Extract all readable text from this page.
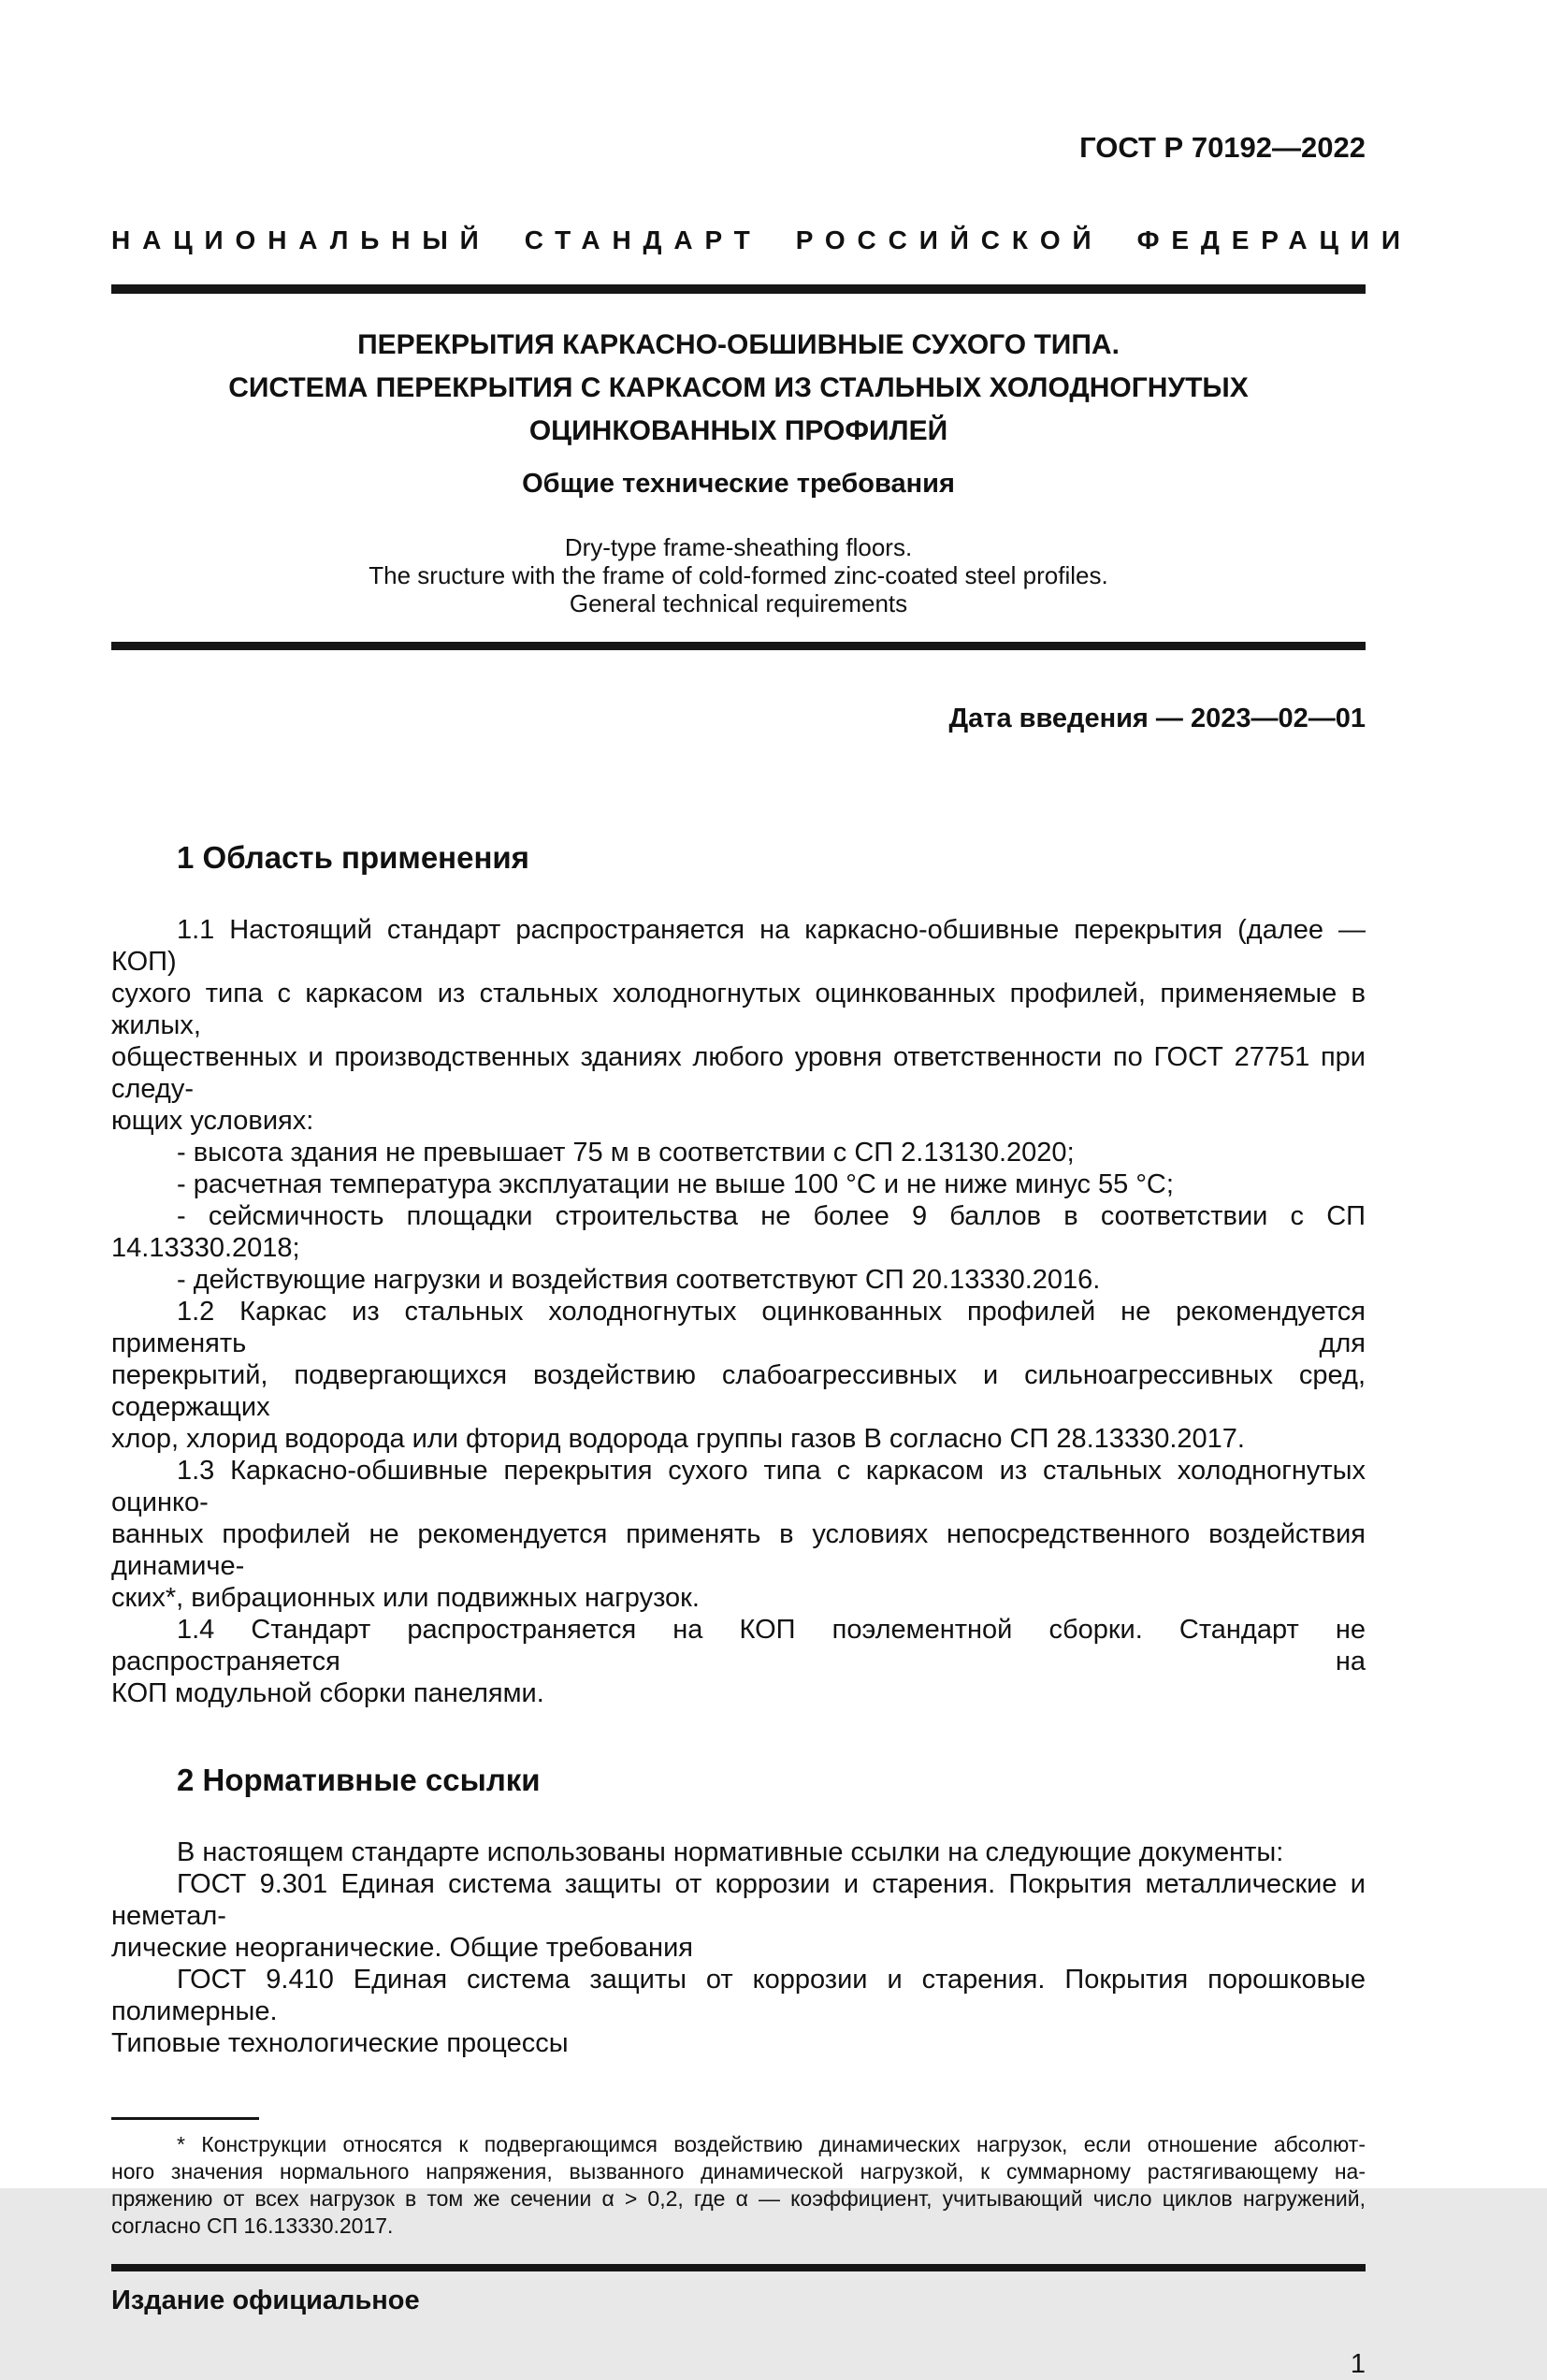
ГОСТ Р 70192—2022
НАЦИОНАЛЬНЫЙ СТАНДАРТ РОССИЙСКОЙ ФЕДЕРАЦИИ
ПЕРЕКРЫТИЯ КАРКАСНО-ОБШИВНЫЕ СУХОГО ТИПА.
СИСТЕМА ПЕРЕКРЫТИЯ С КАРКАСОМ ИЗ СТАЛЬНЫХ ХОЛОДНОГНУТЫХ
ОЦИНКОВАННЫХ ПРОФИЛЕЙ
Общие технические требования
Dry-type frame-sheathing floors.
The sructure with the frame of cold-formed zinc-coated steel profiles.
General technical requirements
Дата введения — 2023—02—01
1 Область применения
1.1 Настоящий стандарт распространяется на каркасно-обшивные перекрытия (далее — КОП)
сухого типа с каркасом из стальных холодногнутых оцинкованных профилей, применяемые в жилых,
общественных и производственных зданиях любого уровня ответственности по ГОСТ 27751 при следу-
ющих условиях:
- высота здания не превышает 75 м в соответствии с СП 2.13130.2020;
- расчетная температура эксплуатации не выше 100 °С и не ниже минус 55 °С;
- сейсмичность площадки строительства не более 9 баллов в соответствии с СП 14.13330.2018;
- действующие нагрузки и воздействия соответствуют СП 20.13330.2016.
1.2 Каркас из стальных холодногнутых оцинкованных профилей не рекомендуется применять для
перекрытий, подвергающихся воздействию слабоагрессивных и сильноагрессивных сред, содержащих
хлор, хлорид водорода или фторид водорода группы газов В согласно СП 28.13330.2017.
1.3 Каркасно-обшивные перекрытия сухого типа с каркасом из стальных холодногнутых оцинко-
ванных профилей не рекомендуется применять в условиях непосредственного воздействия динамиче-
ских*, вибрационных или подвижных нагрузок.
1.4 Стандарт распространяется на КОП поэлементной сборки. Стандарт не распространяется на
КОП модульной сборки панелями.
2 Нормативные ссылки
В настоящем стандарте использованы нормативные ссылки на следующие документы:
ГОСТ 9.301 Единая система защиты от коррозии и старения. Покрытия металлические и неметал-
лические неорганические. Общие требования
ГОСТ 9.410 Единая система защиты от коррозии и старения. Покрытия порошковые полимерные.
Типовые технологические процессы
* Конструкции относятся к подвергающимся воздействию динамических нагрузок, если отношение абсолют-
ного значения нормального напряжения, вызванного динамической нагрузкой, к суммарному растягивающему на-
пряжению от всех нагрузок в том же сечении α > 0,2, где α — коэффициент, учитывающий число циклов нагружений,
согласно СП 16.13330.2017.
Издание официальное
1
